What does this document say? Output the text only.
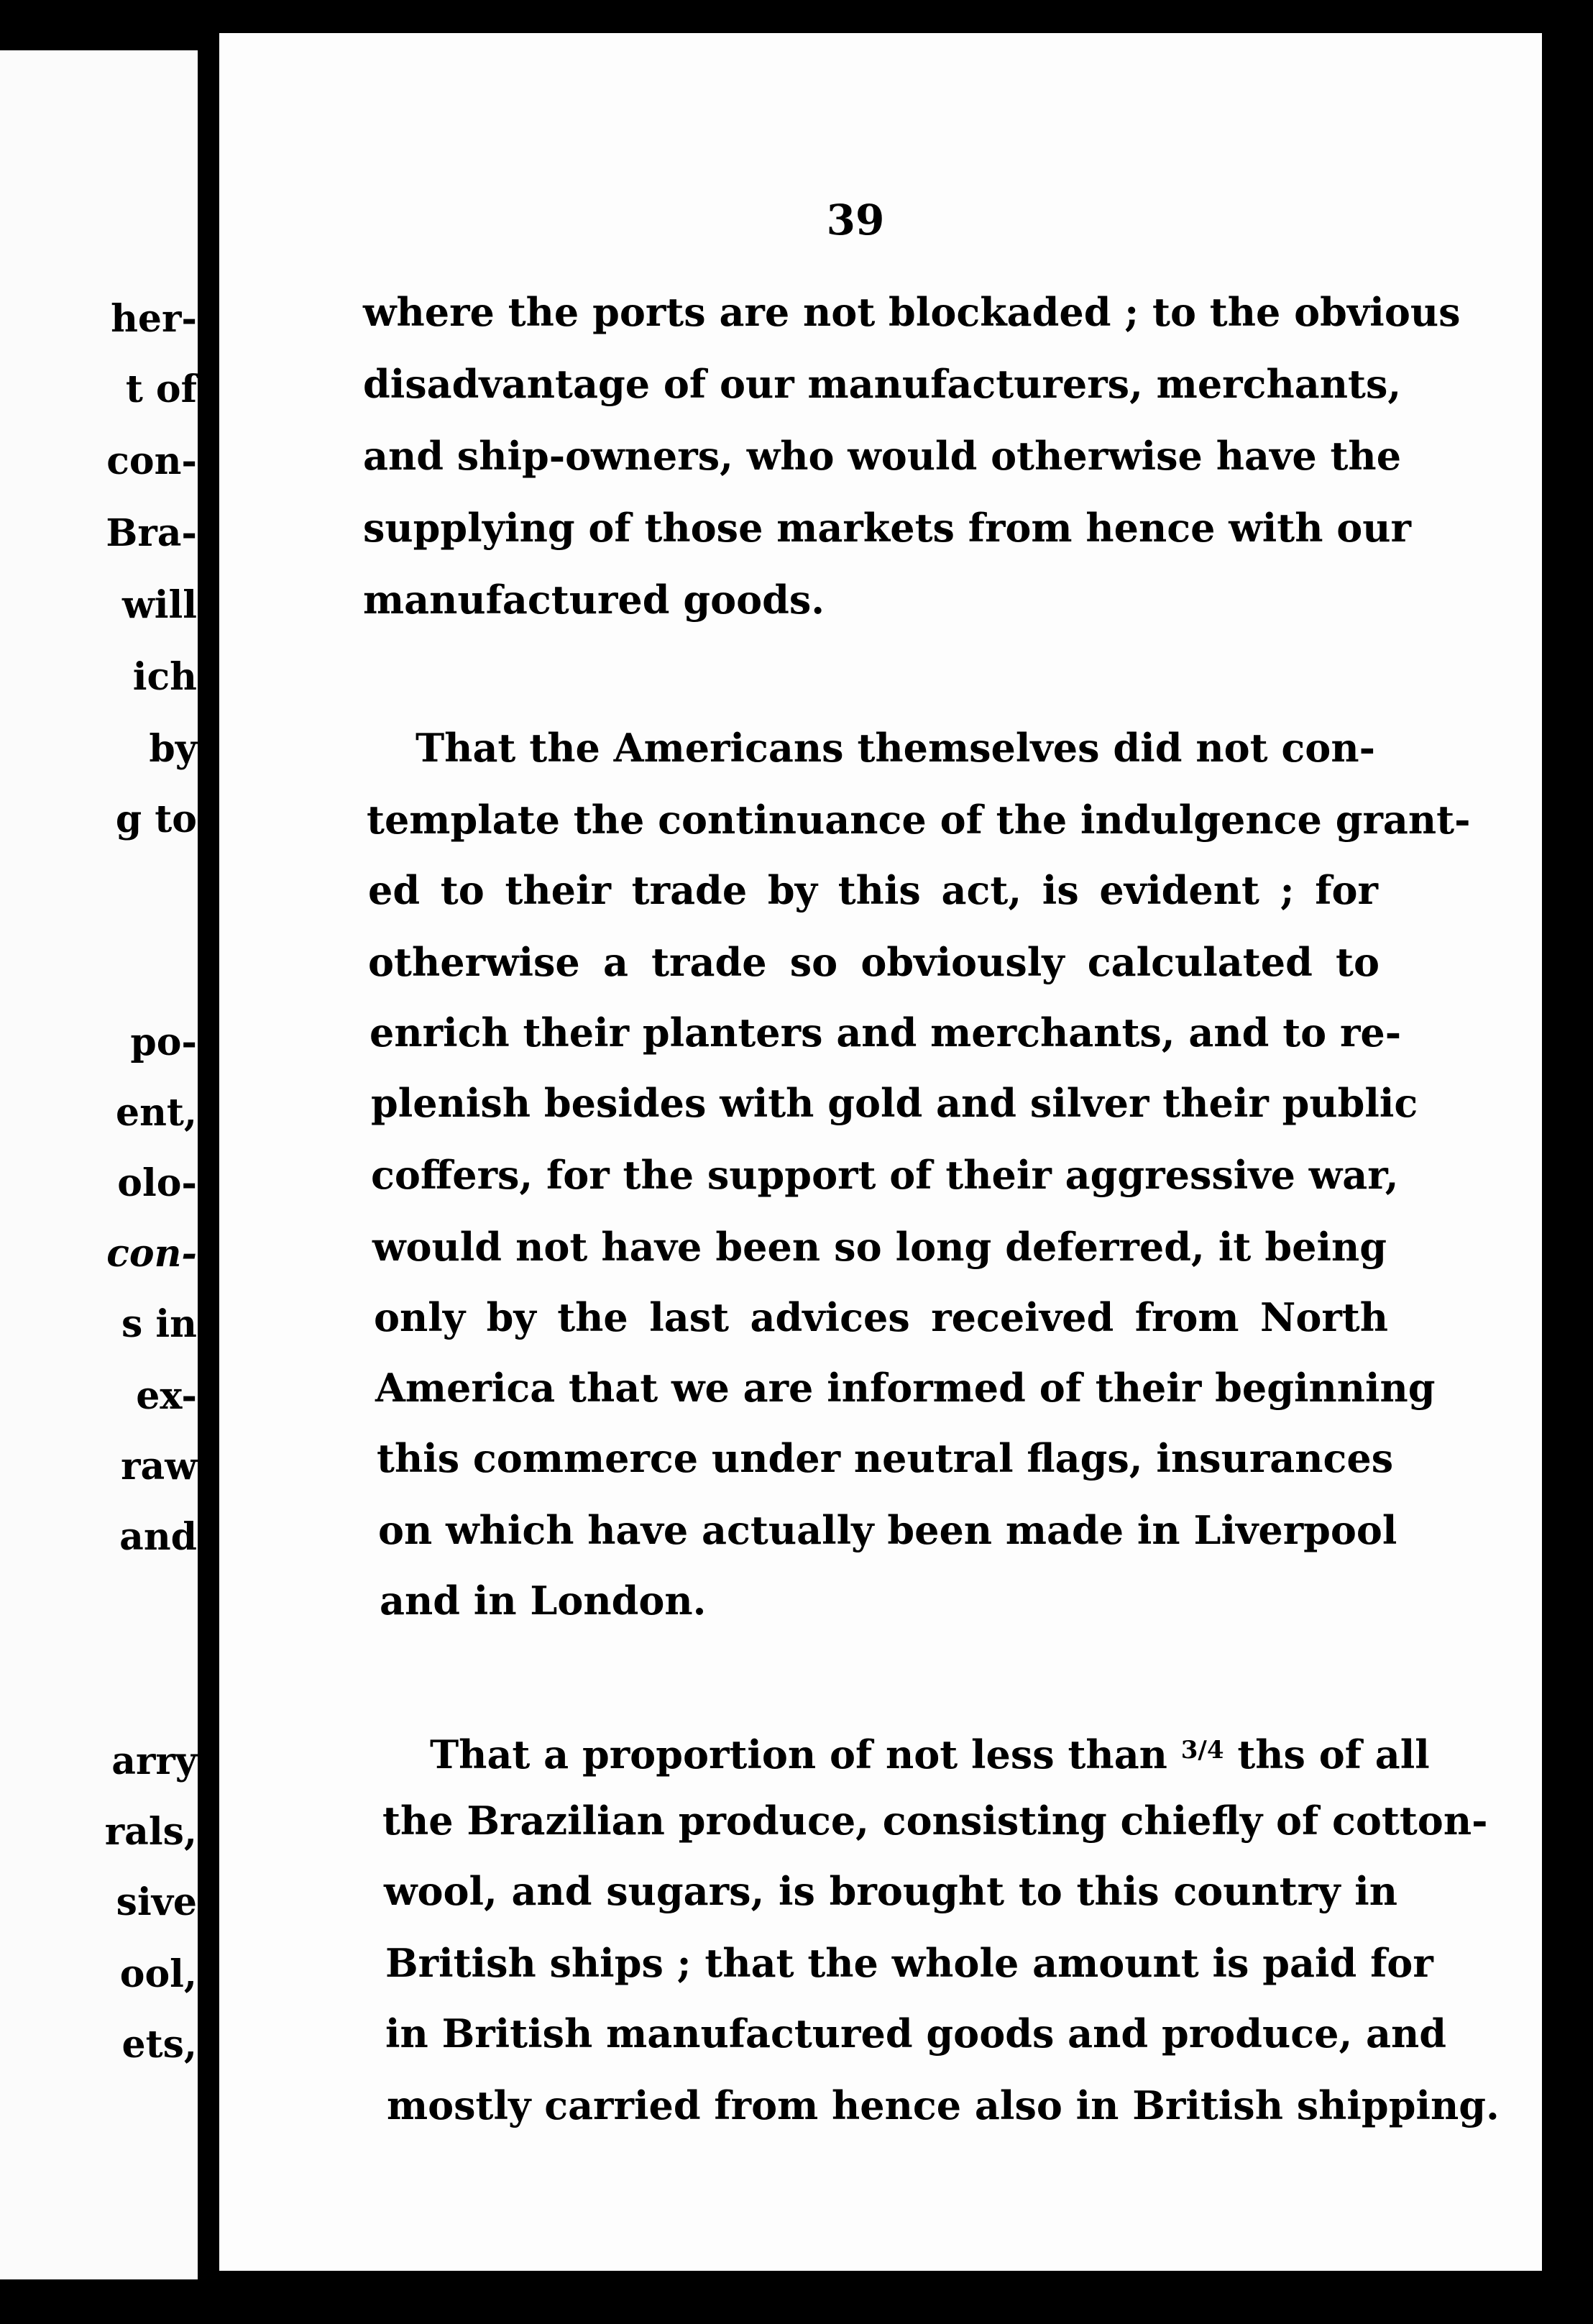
her-
t of
con-
Bra-
will
ich
by
g to
po-
ent,
olo-
con-
s in
ex-
raw
and
arry
rals,
sive
ool,
ets,
39
where the ports are not blockaded ; to the obvious
disadvantage of our manufacturers, merchants,
and ship-owners, who would otherwise have the
supplying of those markets from hence with our
manufactured goods.
That the Americans themselves did not con-
template the continuance of the indulgence grant-
ed to their trade by this act, is evident ; for
otherwise a trade so obviously calculated to
enrich their planters and merchants, and to re-
plenish besides with gold and silver their public
coffers, for the support of their aggressive war,
would not have been so long deferred, it being
only by the last advices received from North
America that we are informed of their beginning
this commerce under neutral flags, insurances
on which have actually been made in Liverpool
and in London.
That a proportion of not less than $^{3/4}$ ths of all
the Brazilian produce, consisting chiefly of cotton-
wool, and sugars, is brought to this country in
British ships ; that the whole amount is paid for
in British manufactured goods and produce, and
mostly carried from hence also in British shipping.
